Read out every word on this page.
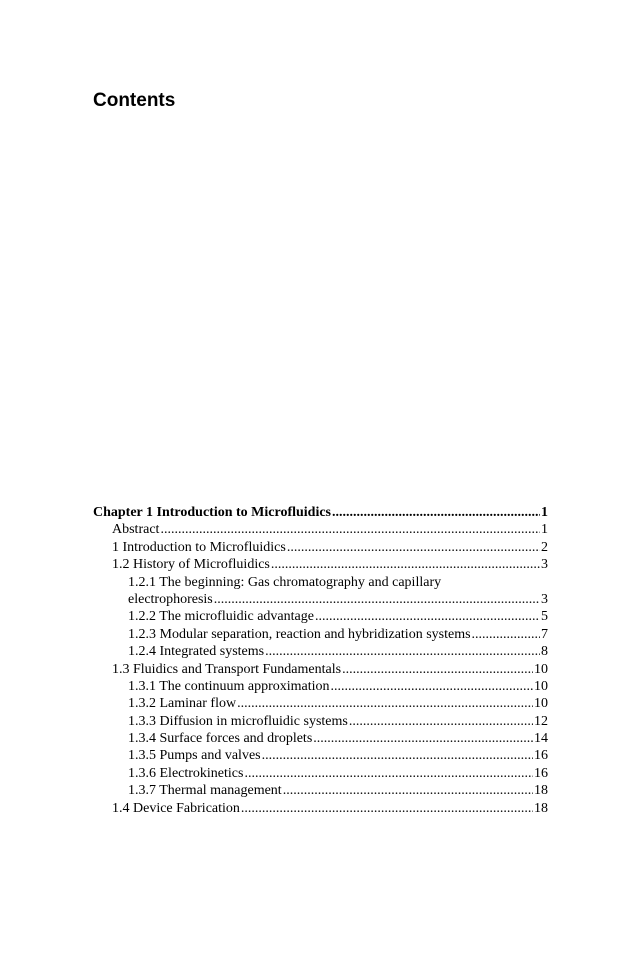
Contents
Chapter 1 Introduction to Microfluidics .....	1
Abstract .....	1
1 Introduction to Microfluidics .....	2
1.2 History of Microfluidics .....	3
1.2.1 The beginning: Gas chromatography and capillary
electrophoresis .....	3
1.2.2 The microfluidic advantage .....	5
1.2.3 Modular separation, reaction and hybridization systems .....	7
1.2.4 Integrated systems .....	8
1.3 Fluidics and Transport Fundamentals .....	10
1.3.1 The continuum approximation .....	10
1.3.2 Laminar flow .....	10
1.3.3 Diffusion in microfluidic systems .....	12
1.3.4 Surface forces and droplets .....	14
1.3.5 Pumps and valves .....	16
1.3.6 Electrokinetics .....	16
1.3.7 Thermal management .....	18
1.4 Device Fabrication .....	18
